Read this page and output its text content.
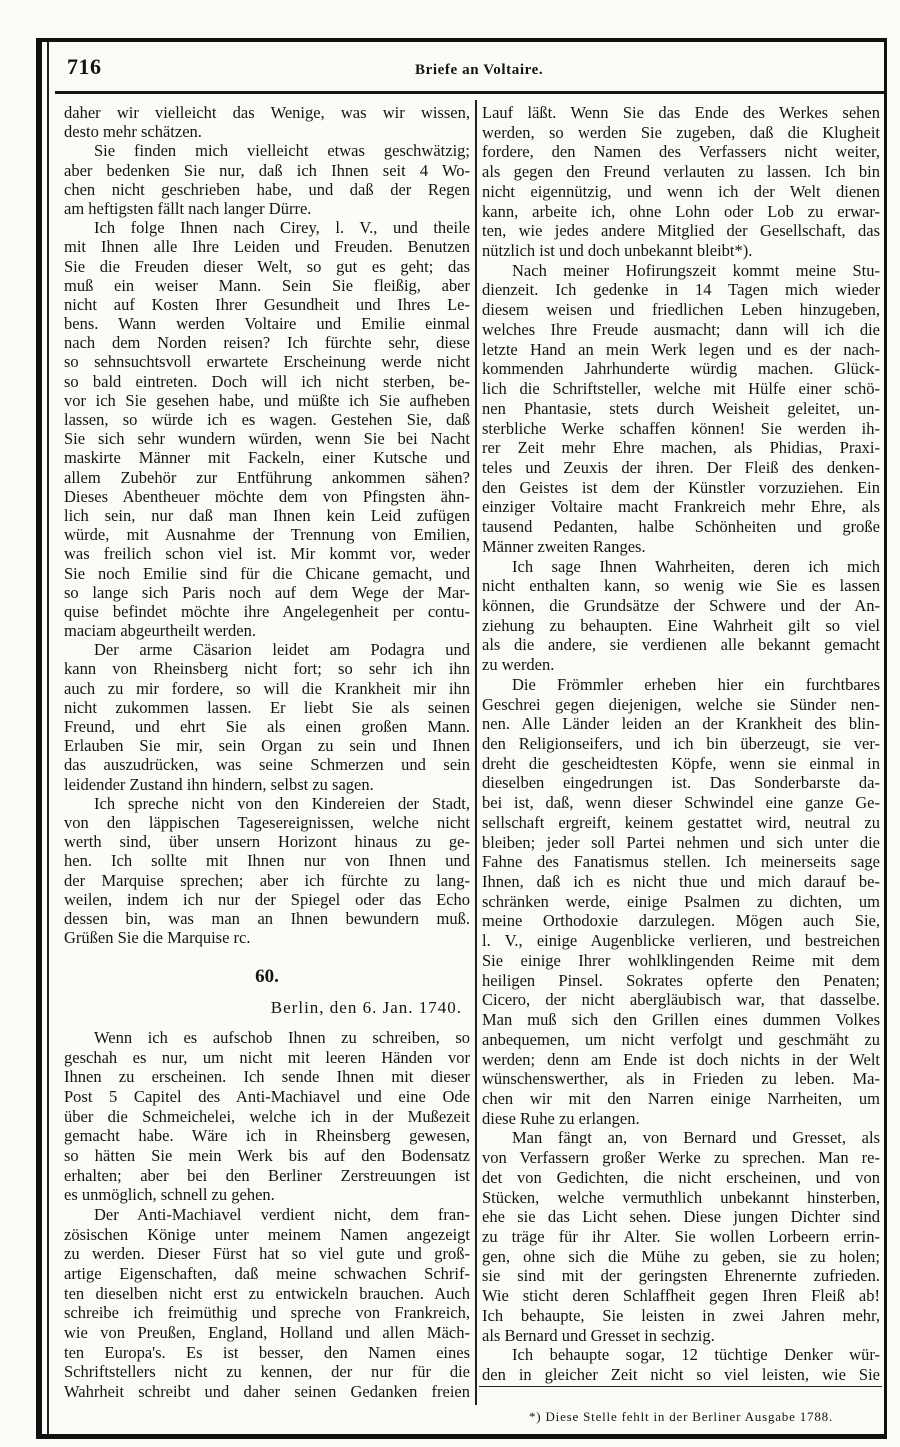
716	Briefe an Voltaire.
daher wir vielleicht das Wenige, was wir wissen,
desto mehr schätzen.
Sie finden mich vielleicht etwas geschwätzig;
aber bedenken Sie nur, daß ich Ihnen seit 4 Wo-
chen nicht geschrieben habe, und daß der Regen
am heftigsten fällt nach langer Dürre.
Ich folge Ihnen nach Cirey, l. V., und theile
mit Ihnen alle Ihre Leiden und Freuden. Benutzen
Sie die Freuden dieser Welt, so gut es geht; das
muß ein weiser Mann. Sein Sie fleißig, aber
nicht auf Kosten Ihrer Gesundheit und Ihres Le-
bens. Wann werden Voltaire und Emilie einmal
nach dem Norden reisen? Ich fürchte sehr, diese
so sehnsuchtsvoll erwartete Erscheinung werde nicht
so bald eintreten. Doch will ich nicht sterben, be-
vor ich Sie gesehen habe, und müßte ich Sie aufheben
lassen, so würde ich es wagen. Gestehen Sie, daß
Sie sich sehr wundern würden, wenn Sie bei Nacht
maskirte Männer mit Fackeln, einer Kutsche und
allem Zubehör zur Entführung ankommen sähen?
Dieses Abentheuer möchte dem von Pfingsten ähn-
lich sein, nur daß man Ihnen kein Leid zufügen
würde, mit Ausnahme der Trennung von Emilien,
was freilich schon viel ist. Mir kommt vor, weder
Sie noch Emilie sind für die Chicane gemacht, und
so lange sich Paris noch auf dem Wege der Mar-
quise befindet möchte ihre Angelegenheit per contu-
maciam abgeurtheilt werden.
Der arme Cäsarion leidet am Podagra und
kann von Rheinsberg nicht fort; so sehr ich ihn
auch zu mir fordere, so will die Krankheit mir ihn
nicht zukommen lassen. Er liebt Sie als seinen
Freund, und ehrt Sie als einen großen Mann.
Erlauben Sie mir, sein Organ zu sein und Ihnen
das auszudrücken, was seine Schmerzen und sein
leidender Zustand ihn hindern, selbst zu sagen.
Ich spreche nicht von den Kindereien der Stadt,
von den läppischen Tagesereignissen, welche nicht
werth sind, über unsern Horizont hinaus zu ge-
hen. Ich sollte mit Ihnen nur von Ihnen und
der Marquise sprechen; aber ich fürchte zu lang-
weilen, indem ich nur der Spiegel oder das Echo
dessen bin, was man an Ihnen bewundern muß.
Grüßen Sie die Marquise rc.
60.
Berlin, den 6. Jan. 1740.
Wenn ich es aufschob Ihnen zu schreiben, so
geschah es nur, um nicht mit leeren Händen vor
Ihnen zu erscheinen. Ich sende Ihnen mit dieser
Post 5 Capitel des Anti-Machiavel und eine Ode
über die Schmeichelei, welche ich in der Mußezeit
gemacht habe. Wäre ich in Rheinsberg gewesen,
so hätten Sie mein Werk bis auf den Bodensatz
erhalten; aber bei den Berliner Zerstreuungen ist
es unmöglich, schnell zu gehen.
Der Anti-Machiavel verdient nicht, dem fran-
zösischen Könige unter meinem Namen angezeigt
zu werden. Dieser Fürst hat so viel gute und groß-
artige Eigenschaften, daß meine schwachen Schrif-
ten dieselben nicht erst zu entwickeln brauchen. Auch
schreibe ich freimüthig und spreche von Frankreich,
wie von Preußen, England, Holland und allen Mäch-
ten Europa's. Es ist besser, den Namen eines
Schriftstellers nicht zu kennen, der nur für die
Wahrheit schreibt und daher seinen Gedanken freien
Lauf läßt. Wenn Sie das Ende des Werkes sehen
werden, so werden Sie zugeben, daß die Klugheit
fordere, den Namen des Verfassers nicht weiter,
als gegen den Freund verlauten zu lassen. Ich bin
nicht eigennützig, und wenn ich der Welt dienen
kann, arbeite ich, ohne Lohn oder Lob zu erwar-
ten, wie jedes andere Mitglied der Gesellschaft, das
nützlich ist und doch unbekannt bleibt*).
Nach meiner Hofirungszeit kommt meine Stu-
dienzeit. Ich gedenke in 14 Tagen mich wieder
diesem weisen und friedlichen Leben hinzugeben,
welches Ihre Freude ausmacht; dann will ich die
letzte Hand an mein Werk legen und es der nach-
kommenden Jahrhunderte würdig machen. Glück-
lich die Schriftsteller, welche mit Hülfe einer schö-
nen Phantasie, stets durch Weisheit geleitet, un-
sterbliche Werke schaffen können! Sie werden ih-
rer Zeit mehr Ehre machen, als Phidias, Praxi-
teles und Zeuxis der ihren. Der Fleiß des denken-
den Geistes ist dem der Künstler vorzuziehen. Ein
einziger Voltaire macht Frankreich mehr Ehre, als
tausend Pedanten, halbe Schönheiten und große
Männer zweiten Ranges.
Ich sage Ihnen Wahrheiten, deren ich mich
nicht enthalten kann, so wenig wie Sie es lassen
können, die Grundsätze der Schwere und der An-
ziehung zu behaupten. Eine Wahrheit gilt so viel
als die andere, sie verdienen alle bekannt gemacht
zu werden.
Die Frömmler erheben hier ein furchtbares
Geschrei gegen diejenigen, welche sie Sünder nen-
nen. Alle Länder leiden an der Krankheit des blin-
den Religionseifers, und ich bin überzeugt, sie ver-
dreht die gescheidtesten Köpfe, wenn sie einmal in
dieselben eingedrungen ist. Das Sonderbarste da-
bei ist, daß, wenn dieser Schwindel eine ganze Ge-
sellschaft ergreift, keinem gestattet wird, neutral zu
bleiben; jeder soll Partei nehmen und sich unter die
Fahne des Fanatismus stellen. Ich meinerseits sage
Ihnen, daß ich es nicht thue und mich darauf be-
schränken werde, einige Psalmen zu dichten, um
meine Orthodoxie darzulegen. Mögen auch Sie,
l. V., einige Augenblicke verlieren, und bestreichen
Sie einige Ihrer wohlklingenden Reime mit dem
heiligen Pinsel. Sokrates opferte den Penaten;
Cicero, der nicht abergläubisch war, that dasselbe.
Man muß sich den Grillen eines dummen Volkes
anbequemen, um nicht verfolgt und geschmäht zu
werden; denn am Ende ist doch nichts in der Welt
wünschenswerther, als in Frieden zu leben. Ma-
chen wir mit den Narren einige Narrheiten, um
diese Ruhe zu erlangen.
Man fängt an, von Bernard und Gresset, als
von Verfassern großer Werke zu sprechen. Man re-
det von Gedichten, die nicht erscheinen, und von
Stücken, welche vermuthlich unbekannt hinsterben,
ehe sie das Licht sehen. Diese jungen Dichter sind
zu träge für ihr Alter. Sie wollen Lorbeern errin-
gen, ohne sich die Mühe zu geben, sie zu holen;
sie sind mit der geringsten Ehrenernte zufrieden.
Wie sticht deren Schlaffheit gegen Ihren Fleiß ab!
Ich behaupte, Sie leisten in zwei Jahren mehr,
als Bernard und Gresset in sechzig.
Ich behaupte sogar, 12 tüchtige Denker wür-
den in gleicher Zeit nicht so viel leisten, wie Sie
*) Diese Stelle fehlt in der Berliner Ausgabe 1788.
